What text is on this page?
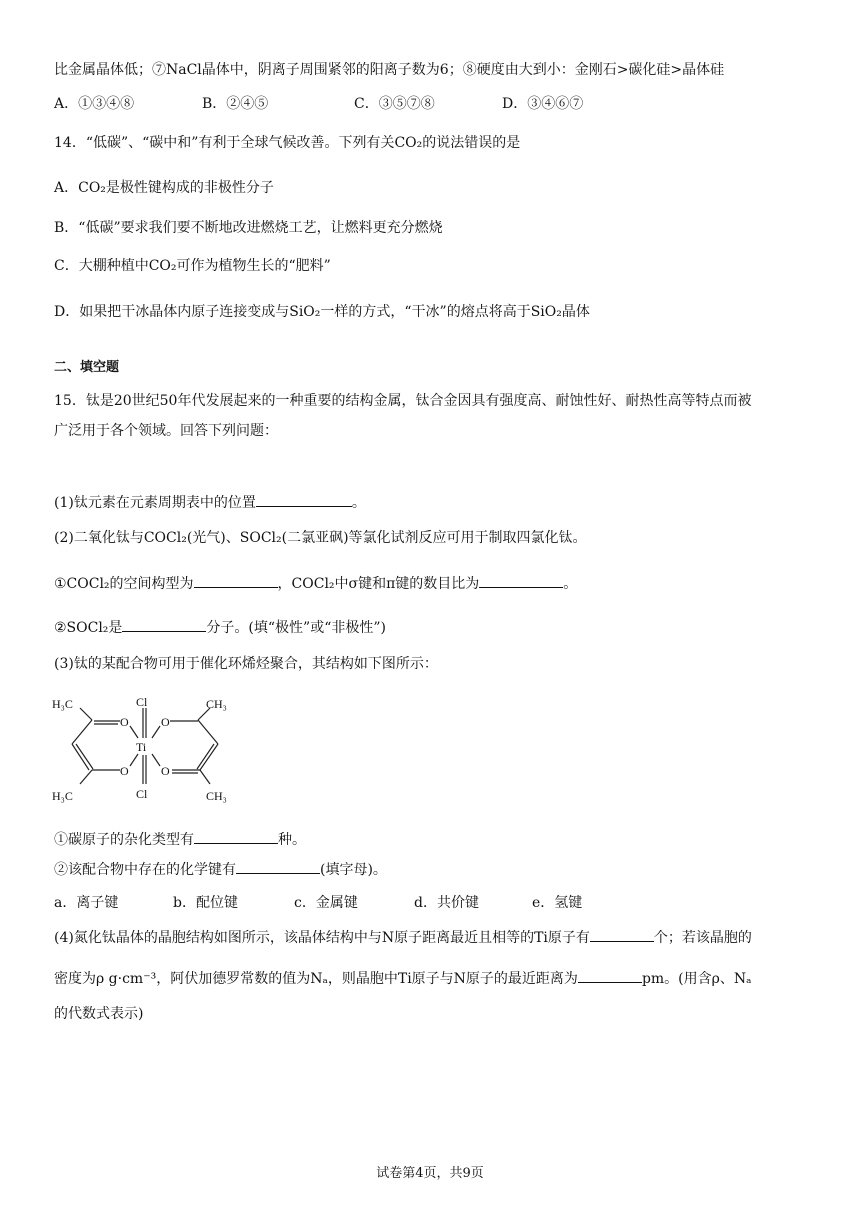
比金属晶体低；⑦NaCl晶体中，阴离子周围紧邻的阳离子数为6；⑧硬度由大到小：金刚石>碳化硅>晶体硅
A．①③④⑧	B．②④⑤	C．③⑤⑦⑧	D．③④⑥⑦
14．“低碳”、“碳中和”有利于全球气候改善。下列有关CO₂的说法错误的是
A．CO₂是极性键构成的非极性分子
B．“低碳”要求我们要不断地改进燃烧工艺，让燃料更充分燃烧
C．大棚种植中CO₂可作为植物生长的“肥料”
D．如果把干冰晶体内原子连接变成与SiO₂一样的方式，“干冰”的熔点将高于SiO₂晶体
二、填空题
15．钛是20世纪50年代发展起来的一种重要的结构金属，钛合金因具有强度高、耐蚀性好、耐热性高等特点而被
广泛用于各个领域。回答下列问题：
(1)钛元素在元素周期表中的位置	。
(2)二氧化钛与COCl₂(光气)、SOCl₂(二氯亚砜)等氯化试剂反应可用于制取四氯化钛。
①COCl₂的空间构型为	，COCl₂中σ键和π键的数目比为	。
②SOCl₂是	分子。(填“极性”或“非极性”)
(3)钛的某配合物可用于催化环烯烃聚合，其结构如下图所示：
H₃C	CH₃
H₃C	CH₃
O	O
O	O
Ti
Cl
Cl
①碳原子的杂化类型有	种。
②该配合物中存在的化学键有	(填字母)。
a．离子键	b．配位键	c．金属键	d．共价键	e．氢键
(4)氮化钛晶体的晶胞结构如图所示，该晶体结构中与N原子距离最近且相等的Ti原子有	个；若该晶胞的
密度为ρ g·cm⁻³，阿伏加德罗常数的值为Nₐ，则晶胞中Ti原子与N原子的最近距离为	pm。(用含ρ、Nₐ
的代数式表示)
试卷第4页，共9页
